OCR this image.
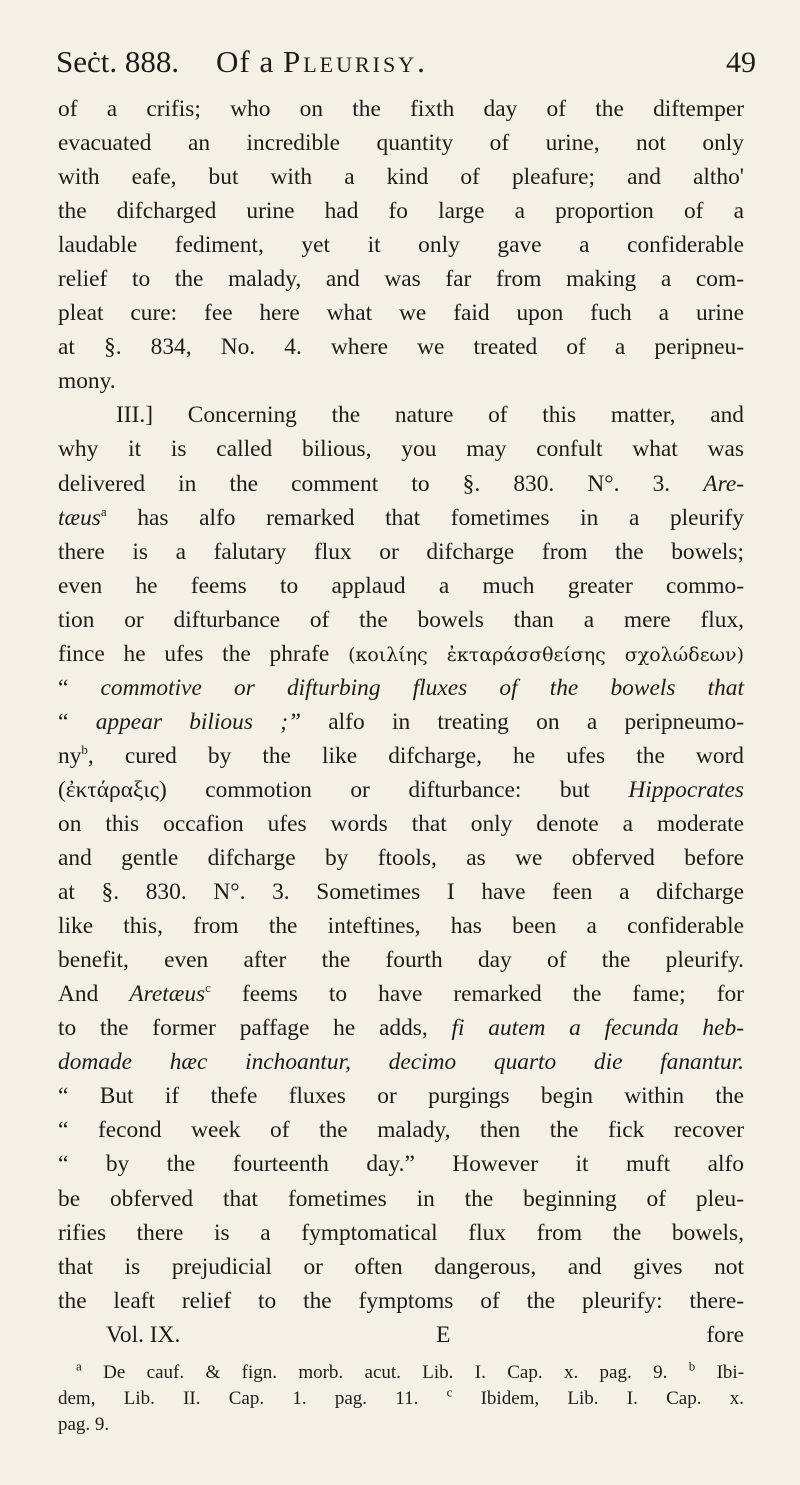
Seċt. 888. Of a Pleurisy.	49
of a crifis; who on the fixth day of the diftemper
evacuated an incredible quantity of urine, not only
with eafe, but with a kind of pleafure; and altho'
the difcharged urine had fo large a proportion of a
laudable fediment, yet it only gave a confiderable
relief to the malady, and was far from making a com-
pleat cure: fee here what we faid upon fuch a urine
at §. 834, No. 4. where we treated of a peripneu-
mony.
III.] Concerning the nature of this matter, and
why it is called bilious, you may confult what was
delivered in the comment to §. 830. N°. 3. Are-
tæus$^a$ has alfo remarked that fometimes in a pleurify
there is a falutary flux or difcharge from the bowels;
even he feems to applaud a much greater commo-
tion or difturbance of the bowels than a mere flux,
fince he ufes the phrafe (κοιλίης ἐκταράσσθείσης σχολώδεων)
“ commotive or difturbing fluxes of the bowels that
“ appear bilious ;” alfo in treating on a peripneumo-
$ny^b$, cured by the like difcharge, he ufes the word
(ἐκτάραξις) commotion or difturbance: but Hippocrates
on this occafion ufes words that only denote a moderate
and gentle difcharge by ftools, as we obferved before
at §. 830. N°. 3. Sometimes I have feen a difcharge
like this, from the inteftines, has been a confiderable
benefit, even after the fourth day of the pleurify.
And Aretæus$^c$ feems to have remarked the fame; for
to the former paffage he adds, fi autem a fecunda heb-
domade hæc inchoantur, decimo quarto die fanantur.
“ But if thefe fluxes or purgings begin within the
“ fecond week of the malady, then the fick recover
“ by the fourteenth day.” However it muft alfo
be obferved that fometimes in the beginning of pleu-
rifies there is a fymptomatical flux from the bowels,
that is prejudicial or often dangerous, and gives not
the leaft relief to the fymptoms of the pleurify: there-
Vol. IX.	E	fore
$^a$ De cauf. & fign. morb. acut. Lib. I. Cap. x. pag. 9. $^b$ Ibi-
dem, Lib. II. Cap. 1. pag. 11. $^c$ Ibidem, Lib. I. Cap. x.
pag. 9.
